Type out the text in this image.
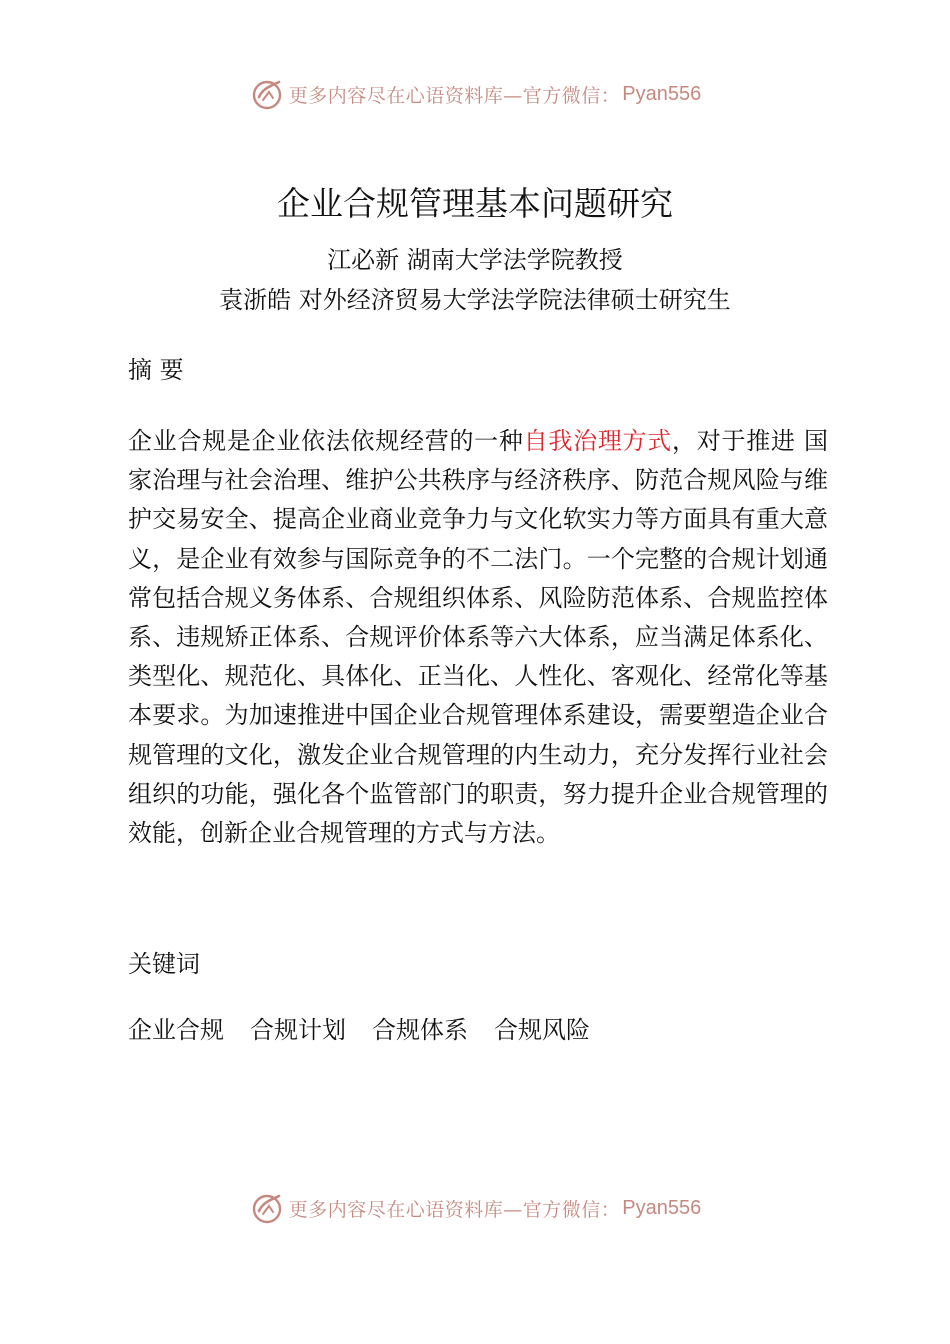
更多内容尽在心语资料库—官方微信： Pyan556
企业合规管理基本问题研究
江必新 湖南大学法学院教授
袁浙皓 对外经济贸易大学法学院法律硕士研究生
摘 要
企业合规是企业依法依规经营的一种自我治理方式，对于推进 国家治理与社会治理、维护公共秩序与经济秩序、防范合规风险与维护交易安全、提高企业商业竞争力与文化软实力等方面具有重大意义，是企业有效参与国际竞争的不二法门。一个完整的合规计划通常包括合规义务体系、合规组织体系、风险防范体系、合规监控体系、违规矫正体系、合规评价体系等六大体系，应当满足体系化、类型化、规范化、具体化、正当化、人性化、客观化、经常化等基本要求。为加速推进中国企业合规管理体系建设，需要塑造企业合规管理的文化，激发企业合规管理的内生动力，充分发挥行业社会组织的功能，强化各个监管部门的职责，努力提升企业合规管理的效能，创新企业合规管理的方式与方法。
关键词
企业合规 合规计划 合规体系 合规风险
更多内容尽在心语资料库—官方微信： Pyan556
